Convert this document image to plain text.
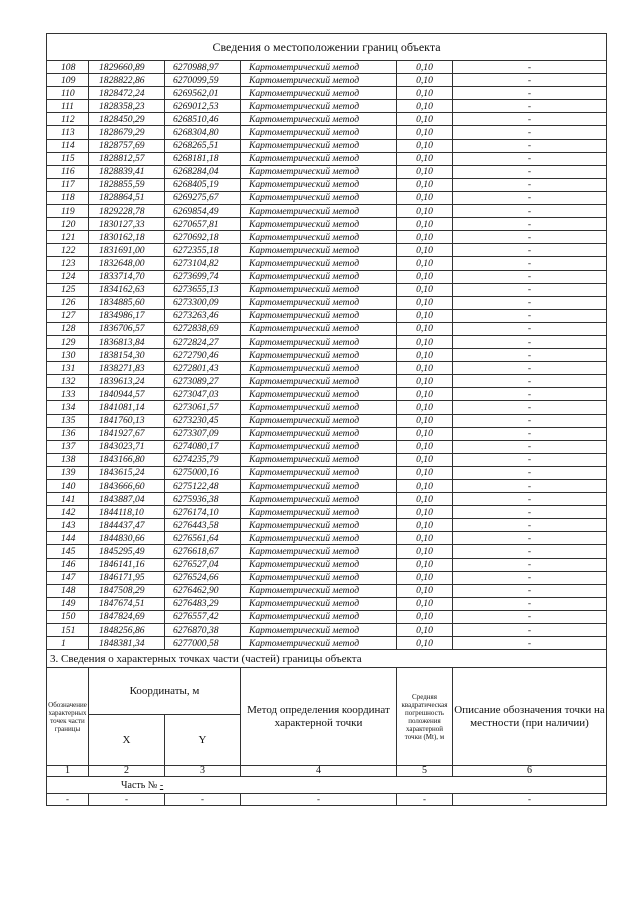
Сведения о местоположении границ объекта					
108	1829660,89	6270988,97	Картометрический метод	0,10	-
109	1828822,86	6270099,59	Картометрический метод	0,10	-
110	1828472,24	6269562,01	Картометрический метод	0,10	-
111	1828358,23	6269012,53	Картометрический метод	0,10	-
112	1828450,29	6268510,46	Картометрический метод	0,10	-
113	1828679,29	6268304,80	Картометрический метод	0,10	-
114	1828757,69	6268265,51	Картометрический метод	0,10	-
115	1828812,57	6268181,18	Картометрический метод	0,10	-
116	1828839,41	6268284,04	Картометрический метод	0,10	-
117	1828855,59	6268405,19	Картометрический метод	0,10	-
118	1828864,51	6269275,67	Картометрический метод	0,10	-
119	1829228,78	6269854,49	Картометрический метод	0,10	-
120	1830127,33	6270657,81	Картометрический метод	0,10	-
121	1830162,18	6270692,18	Картометрический метод	0,10	-
122	1831691,00	6272355,18	Картометрический метод	0,10	-
123	1832648,00	6273104,82	Картометрический метод	0,10	-
124	1833714,70	6273699,74	Картометрический метод	0,10	-
125	1834162,63	6273655,13	Картометрический метод	0,10	-
126	1834885,60	6273300,09	Картометрический метод	0,10	-
127	1834986,17	6273263,46	Картометрический метод	0,10	-
128	1836706,57	6272838,69	Картометрический метод	0,10	-
129	1836813,84	6272824,27	Картометрический метод	0,10	-
130	1838154,30	6272790,46	Картометрический метод	0,10	-
131	1838271,83	6272801,43	Картометрический метод	0,10	-
132	1839613,24	6273089,27	Картометрический метод	0,10	-
133	1840944,57	6273047,03	Картометрический метод	0,10	-
134	1841081,14	6273061,57	Картометрический метод	0,10	-
135	1841760,13	6273230,45	Картометрический метод	0,10	-
136	1841927,67	6273307,09	Картометрический метод	0,10	-
137	1843023,71	6274080,17	Картометрический метод	0,10	-
138	1843166,80	6274235,79	Картометрический метод	0,10	-
139	1843615,24	6275000,16	Картометрический метод	0,10	-
140	1843666,60	6275122,48	Картометрический метод	0,10	-
141	1843887,04	6275936,38	Картометрический метод	0,10	-
142	1844118,10	6276174,10	Картометрический метод	0,10	-
143	1844437,47	6276443,58	Картометрический метод	0,10	-
144	1844830,66	6276561,64	Картометрический метод	0,10	-
145	1845295,49	6276618,67	Картометрический метод	0,10	-
146	1846141,16	6276527,04	Картометрический метод	0,10	-
147	1846171,95	6276524,66	Картометрический метод	0,10	-
148	1847508,29	6276462,90	Картометрический метод	0,10	-
149	1847674,51	6276483,29	Картометрический метод	0,10	-
150	1847824,69	6276557,42	Картометрический метод	0,10	-
151	1848256,86	6276870,38	Картометрический метод	0,10	-
1	1848381,34	6277000,58	Картометрический метод	0,10	-
3. Сведения о характерных точках части (частей) границы объекта					
Обозначение характерных точек части границы	Координаты, м		Метод определения координат характерной точки	Средняя квадратическая погрешность положения характерной точки (Mt), м	Описание обозначения точки на местности (при наличии)
	X	Y			
1	2	3	4	5	6
Часть № -					
-	-	-	-	-	-
